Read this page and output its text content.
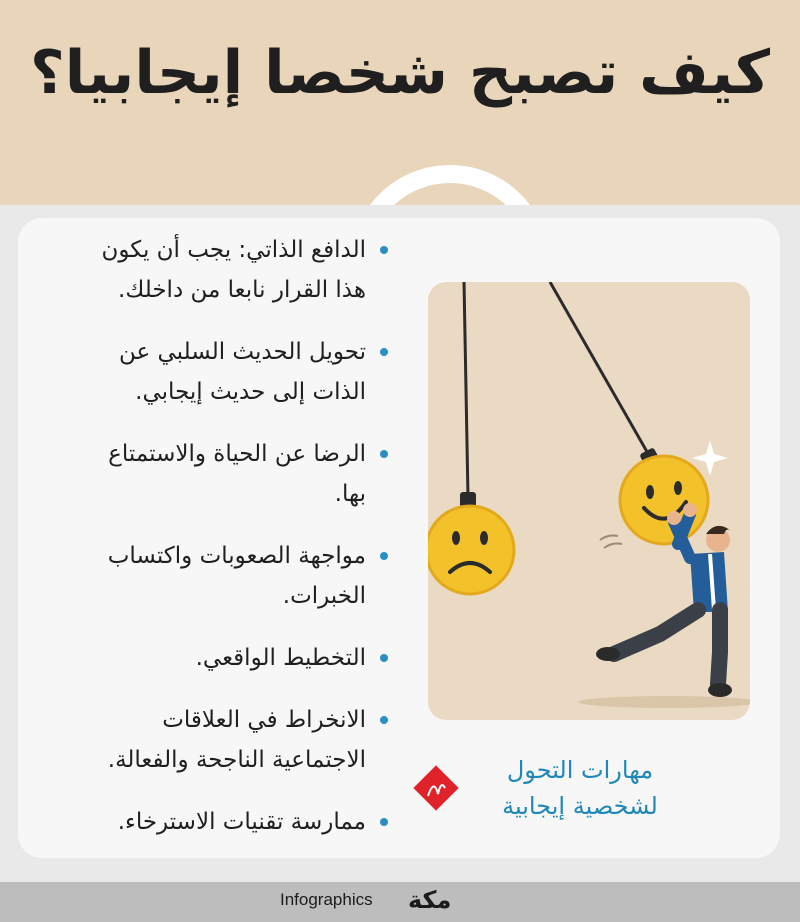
كيف تصبح شخصا إيجابيا؟
الدافع الذاتي: يجب أن يكون
هذا القرار نابعا من داخلك.
تحويل الحديث السلبي عن
الذات إلى حديث إيجابي.
الرضا عن الحياة والاستمتاع
بها.
مواجهة الصعوبات واكتساب
الخبرات.
التخطيط الواقعي.
الانخراط في العلاقات
الاجتماعية الناجحة والفعالة.
ممارسة تقنيات الاسترخاء.
مهارات التحول
لشخصية إيجابية
Infographics مكة
